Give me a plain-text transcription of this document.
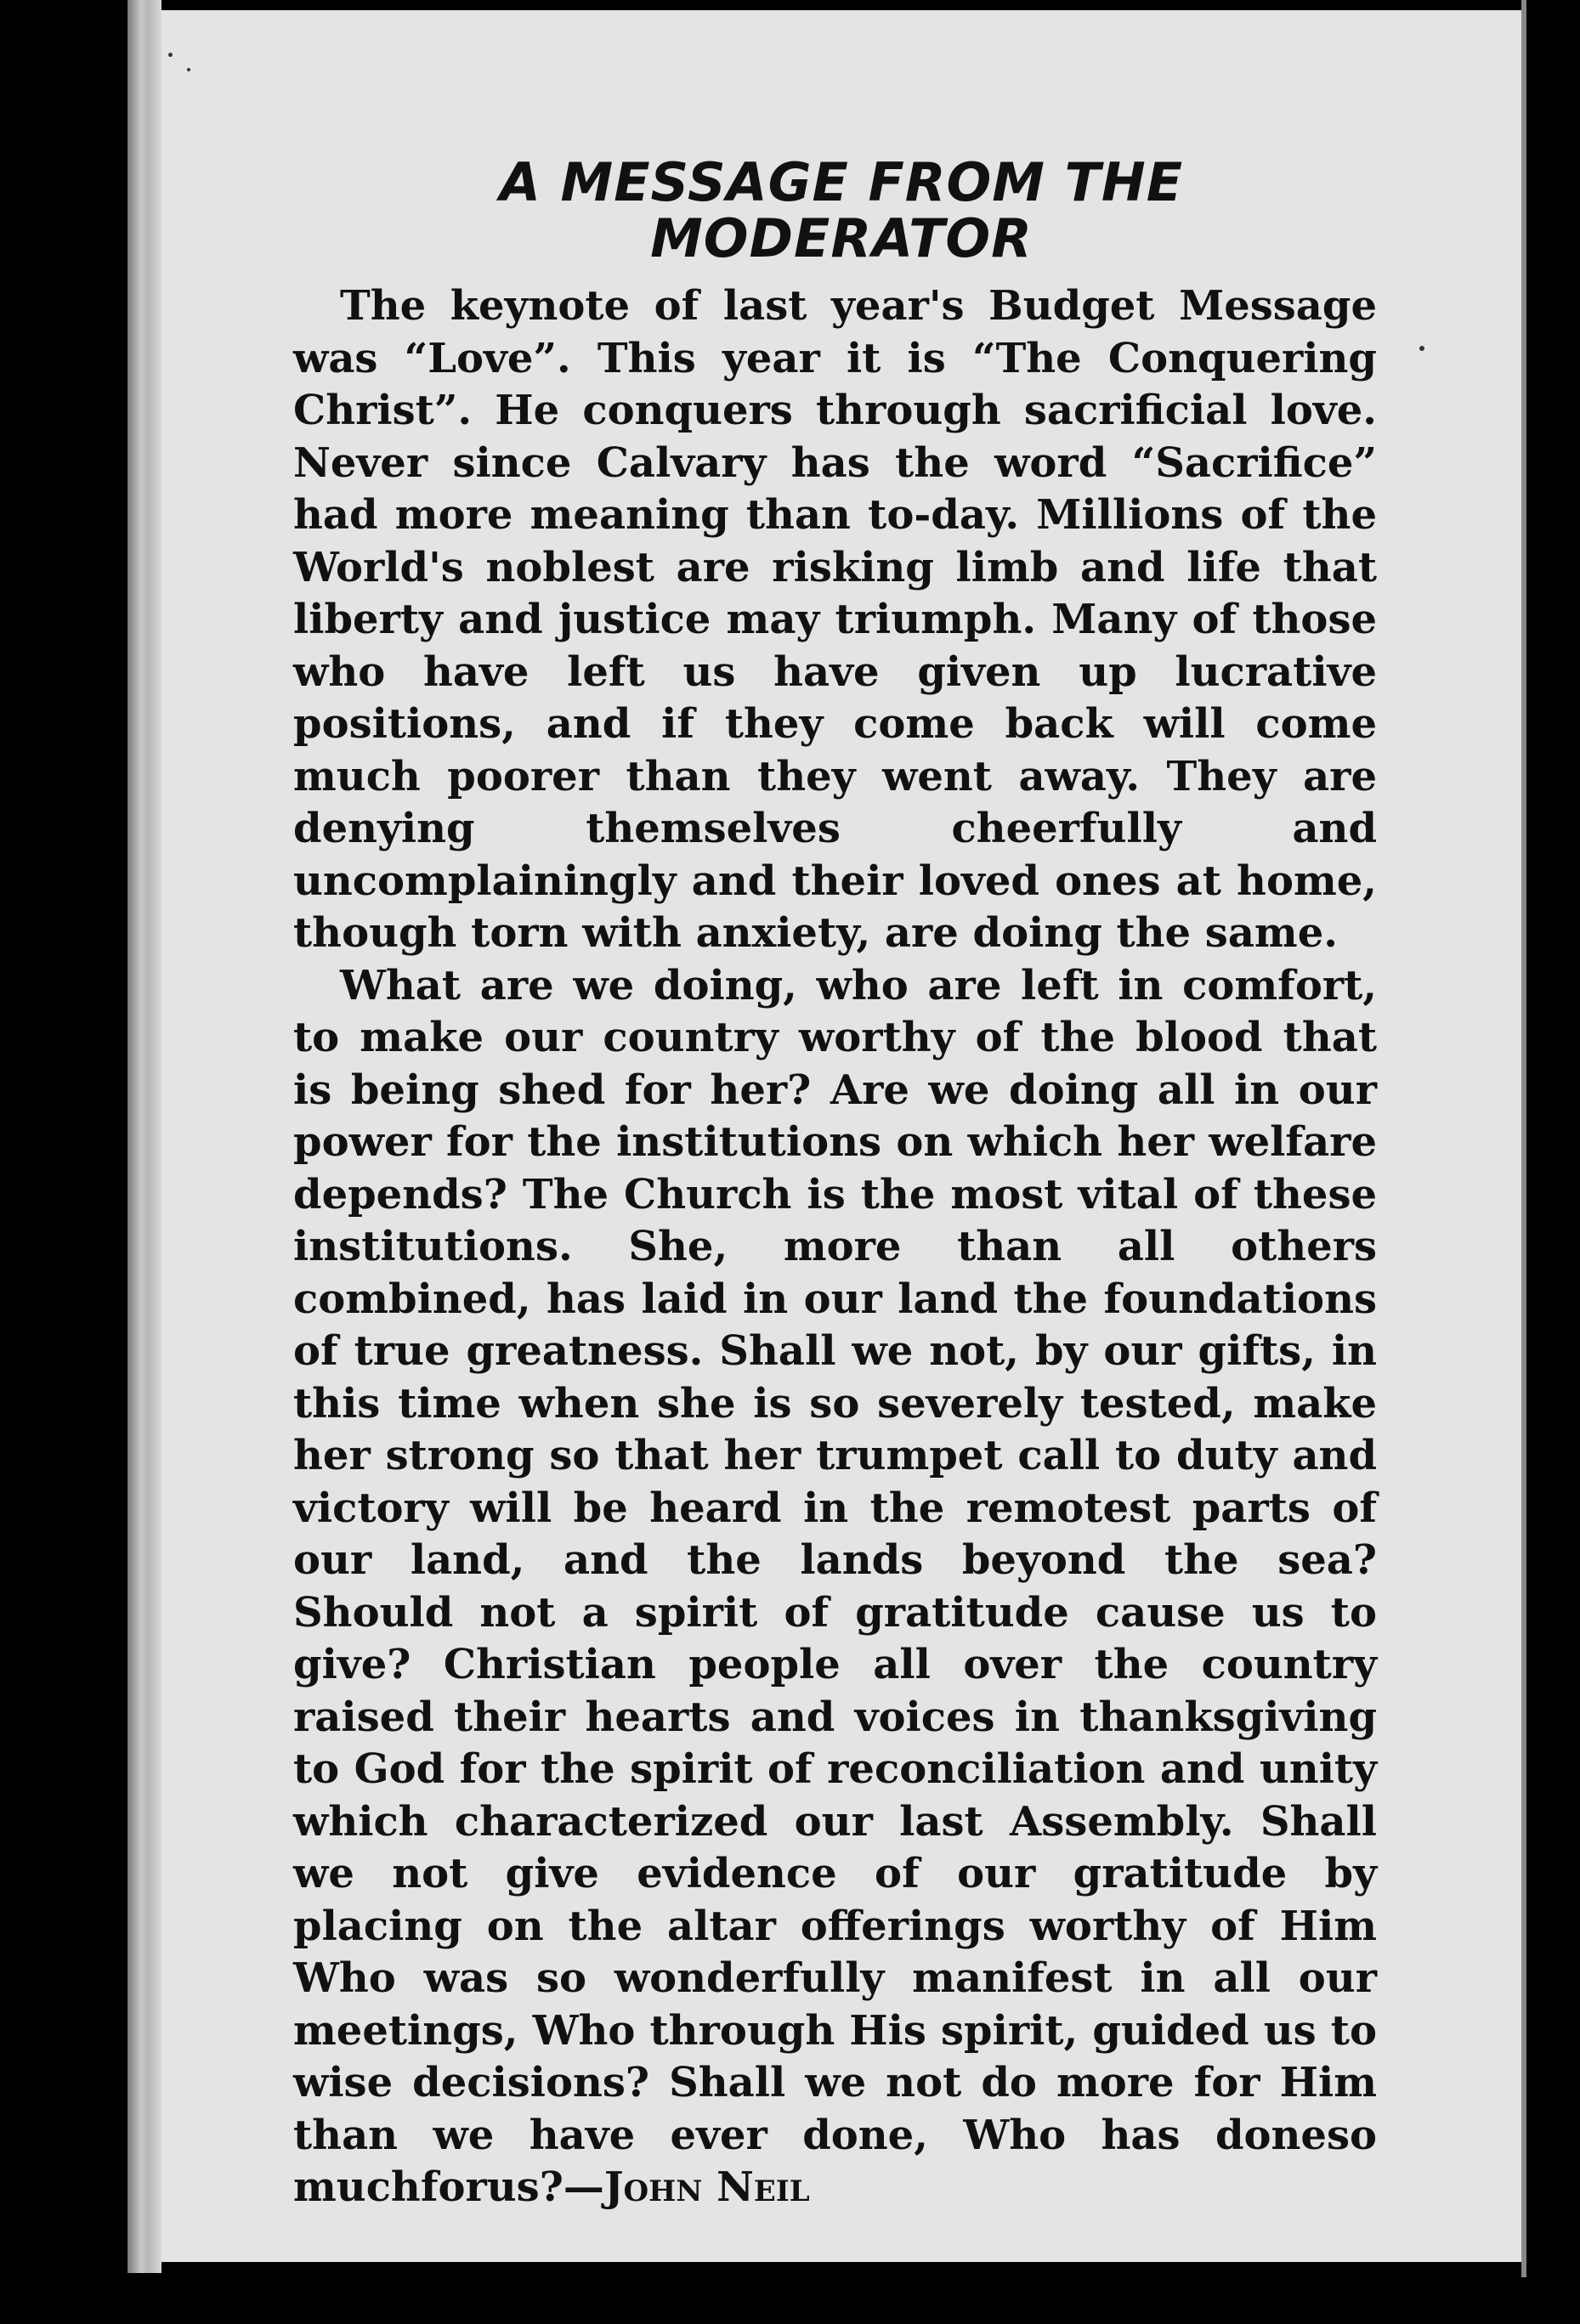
A MESSAGE FROM THE
MODERATOR

The keynote of last year's Budget Message was “Love”. This year it is “The Conquering Christ”. He conquers through sacrificial love. Never since Calvary has the word “Sacrifice” had more meaning than to-day. Millions of the World's noblest are risking limb and life that liberty and justice may triumph. Many of those who have left us have given up lucrative positions, and if they come back will come much poorer than they went away. They are denying themselves cheerfully and uncomplainingly and their loved ones at home, though torn with anxiety, are doing the same.

What are we doing, who are left in comfort, to make our country worthy of the blood that is being shed for her? Are we doing all in our power for the institutions on which her welfare depends? The Church is the most vital of these institutions. She, more than all others combined, has laid in our land the foundations of true greatness. Shall we not, by our gifts, in this time when she is so severely tested, make her strong so that her trumpet call to duty and victory will be heard in the remotest parts of our land, and the lands beyond the sea? Should not a spirit of gratitude cause us to give? Christian people all over the country raised their hearts and voices in thanksgiving to God for the spirit of reconciliation and unity which characterized our last Assembly. Shall we not give evidence of our gratitude by placing on the altar offerings worthy of Him Who was so wonderfully manifest in all our meetings, Who through His spirit, guided us to wise decisions? Shall we not do more for Him than we have ever done, Who has doneso muchforus?—John Neil
